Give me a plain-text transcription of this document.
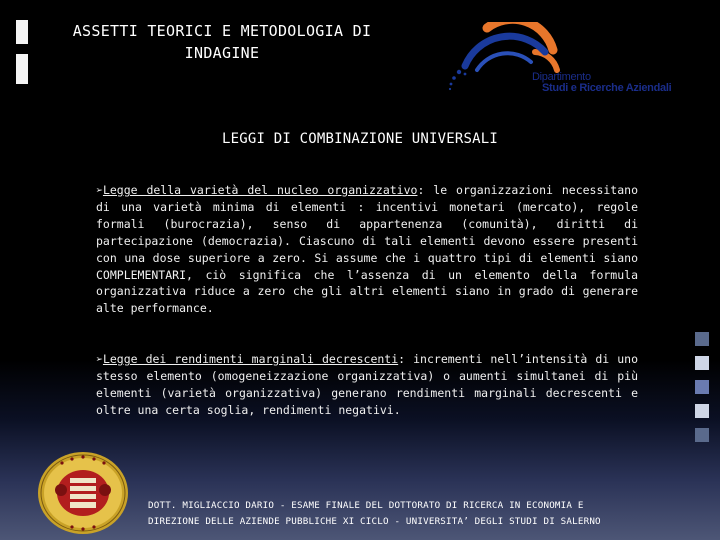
ASSETTI TEORICI E METODOLOGIA DI INDAGINE
Dipartimento
Studi e Ricerche Aziendali
LEGGI DI COMBINAZIONE UNIVERSALI
➢Legge della varietà del nucleo organizzativo: le organizzazioni necessitano di una varietà minima di elementi : incentivi monetari (mercato), regole formali (burocrazia), senso di appartenenza (comunità), diritti di partecipazione (democrazia). Ciascuno di tali elementi devono essere presenti con una dose superiore a zero. Si assume che i quattro tipi di elementi siano COMPLEMENTARI, ciò significa che l’assenza di un elemento della formula organizzativa riduce a zero che gli altri elementi siano in grado di generare alte performance.
➢Legge dei rendimenti marginali decrescenti: incrementi nell’intensità di uno stesso elemento (omogeneizzazione organizzativa) o aumenti simultanei di più elementi (varietà organizzativa) generano rendimenti marginali decrescenti e oltre una certa soglia, rendimenti negativi.
DOTT. MIGLIACCIO DARIO - ESAME FINALE DEL DOTTORATO DI RICERCA IN ECONOMIA E
DIREZIONE DELLE AZIENDE PUBBLICHE XI CICLO - UNIVERSITA’ DEGLI STUDI DI SALERNO
